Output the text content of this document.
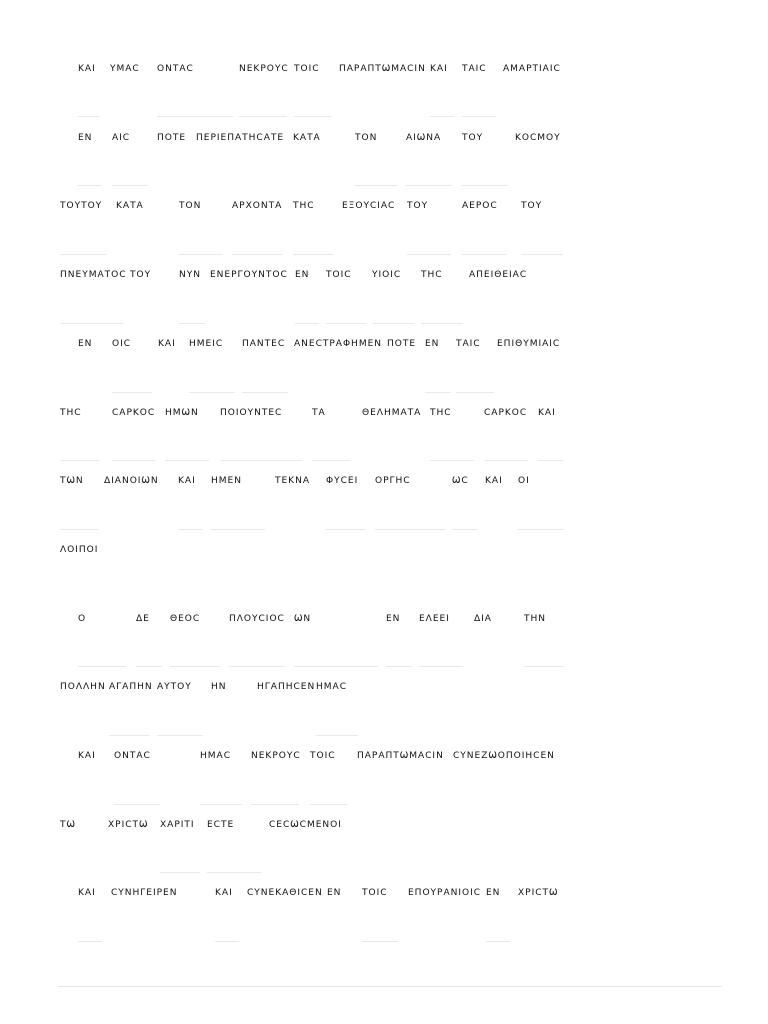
ΚΑΙ ΥΜΑϹ ΟΝΤΑϹ	ΝΕΚΡΟΥϹ ΤΟΙϹ ΠΑΡΑΠΤѠΜΑϹΙΝ ΚΑΙ ΤΑΙϹ ΑΜΑΡΤΙΑΙϹ
ΕΝ ΑΙϹ	ΠΟΤΕ ΠΕΡΙΕΠΑΤΗϹΑΤΕ ΚΑΤΑ	ΤΟΝ	ΑΙѠΝΑ ΤΟΥ	ΚΟϹΜΟΥ
ΤΟΥΤΟΥ ΚΑΤΑ	ΤΟΝ	ΑΡΧΟΝΤΑ ΤΗϹ	ΕΞΟΥϹΙΑϹ ΤΟΥ	ΑΕΡΟϹ	ΤΟΥ
ΠΝΕΥΜΑΤΟϹ ΤΟΥ	ΝΥΝ ΕΝΕΡΓΟΥΝΤΟϹ ΕΝ ΤΟΙϹ ΥΙΟΙϹ ΤΗϹ	ΑΠΕΙΘΕΙΑϹ
ΕΝ ΟΙϹ	ΚΑΙ ΗΜΕΙϹ ΠΑΝΤΕϹ ΑΝΕϹΤΡΑΦΗΜΕΝ ΠΟΤΕ ΕΝ ΤΑΙϹ ΕΠΙΘΥΜΙΑΙϹ
ΤΗϹ	ϹΑΡΚΟϹ ΗΜѠΝ	ΠΟΙΟΥΝΤΕϹ	ΤΑ	ΘΕΛΗΜΑΤΑ ΤΗϹ	ϹΑΡΚΟϹ ΚΑΙ
ΤѠΝ ΔΙΑΝΟΙѠΝ ΚΑΙ ΗΜΕΝ	ΤΕΚΝΑ ΦΥϹΕΙ ΟΡΓΗϹ	ѠϹ ΚΑΙ ΟΙ
ΛΟΙΠΟΙ
Ο	ΔΕ ΘΕΟϹ	ΠΛΟΥϹΙΟϹ ѠΝ	ΕΝ ΕΛΕΕΙ	ΔΙΑ	ΤΗΝ
ΠΟΛΛΗΝ ΑΓΑΠΗΝ ΑΥΤΟΥ ΗΝ	ΗΓΑΠΗϹΕΝ ΗΜΑϹ
ΚΑΙ ΟΝΤΑϹ	ΗΜΑϹ ΝΕΚΡΟΥϹ ΤΟΙϹ	ΠΑΡΑΠΤѠΜΑϹΙΝ ϹΥΝΕΖѠΟΠΟΙΗϹΕΝ
ΤѠ	ΧΡΙϹΤѠ ΧΑΡΙΤΙ ΕϹΤΕ	ϹΕϹѠϹΜΕΝΟΙ
ΚΑΙ ϹΥΝΗΓΕΙΡΕΝ	ΚΑΙ ϹΥΝΕΚΑΘΙϹΕΝ ΕΝ ΤΟΙϹ ΕΠΟΥΡΑΝΙΟΙϹ ΕΝ ΧΡΙϹΤѠ
